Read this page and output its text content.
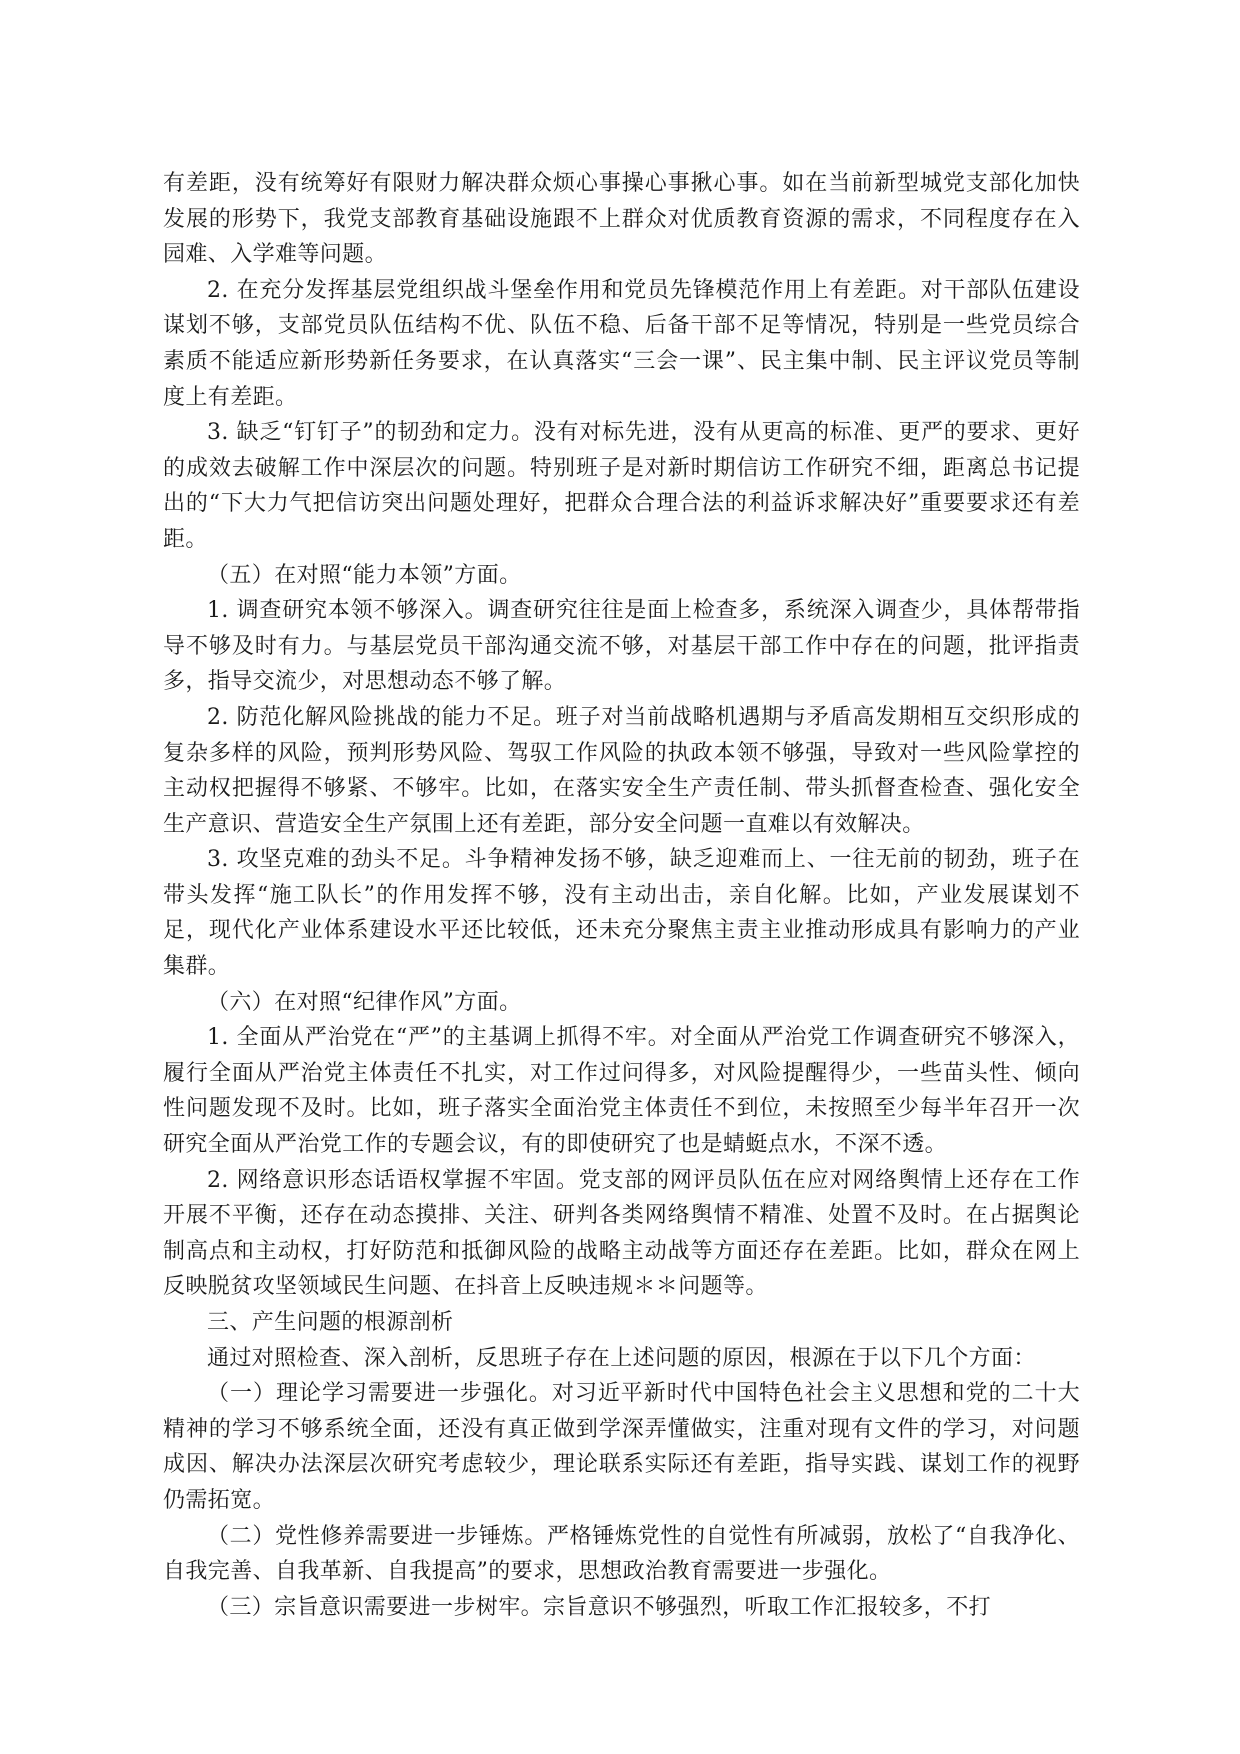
有差距，没有统筹好有限财力解决群众烦心事操心事揪心事。如在当前新型城党支部化加快发展的形势下，我党支部教育基础设施跟不上群众对优质教育资源的需求，不同程度存在入园难、入学难等问题。

2. 在充分发挥基层党组织战斗堡垒作用和党员先锋模范作用上有差距。对干部队伍建设谋划不够，支部党员队伍结构不优、队伍不稳、后备干部不足等情况，特别是一些党员综合素质不能适应新形势新任务要求，在认真落实“三会一课”、民主集中制、民主评议党员等制度上有差距。

3. 缺乏“钉钉子”的韧劲和定力。没有对标先进，没有从更高的标准、更严的要求、更好的成效去破解工作中深层次的问题。特别班子是对新时期信访工作研究不细，距离总书记提出的“下大力气把信访突出问题处理好，把群众合理合法的利益诉求解决好”重要要求还有差距。

（五）在对照“能力本领”方面。

1. 调查研究本领不够深入。调查研究往往是面上检查多，系统深入调查少，具体帮带指导不够及时有力。与基层党员干部沟通交流不够，对基层干部工作中存在的问题，批评指责多，指导交流少，对思想动态不够了解。

2. 防范化解风险挑战的能力不足。班子对当前战略机遇期与矛盾高发期相互交织形成的复杂多样的风险，预判形势风险、驾驭工作风险的执政本领不够强，导致对一些风险掌控的主动权把握得不够紧、不够牢。比如，在落实安全生产责任制、带头抓督查检查、强化安全生产意识、营造安全生产氛围上还有差距，部分安全问题一直难以有效解决。

3. 攻坚克难的劲头不足。斗争精神发扬不够，缺乏迎难而上、一往无前的韧劲，班子在带头发挥“施工队长”的作用发挥不够，没有主动出击，亲自化解。比如，产业发展谋划不足，现代化产业体系建设水平还比较低，还未充分聚焦主责主业推动形成具有影响力的产业集群。

（六）在对照“纪律作风”方面。

1. 全面从严治党在“严”的主基调上抓得不牢。对全面从严治党工作调查研究不够深入，履行全面从严治党主体责任不扎实，对工作过问得多，对风险提醒得少，一些苗头性、倾向性问题发现不及时。比如，班子落实全面治党主体责任不到位，未按照至少每半年召开一次研究全面从严治党工作的专题会议，有的即使研究了也是蜻蜓点水，不深不透。

2. 网络意识形态话语权掌握不牢固。党支部的网评员队伍在应对网络舆情上还存在工作开展不平衡，还存在动态摸排、关注、研判各类网络舆情不精准、处置不及时。在占据舆论制高点和主动权，打好防范和抵御风险的战略主动战等方面还存在差距。比如，群众在网上反映脱贫攻坚领域民生问题、在抖音上反映违规＊＊问题等。

三、产生问题的根源剖析

通过对照检查、深入剖析，反思班子存在上述问题的原因，根源在于以下几个方面：

（一）理论学习需要进一步强化。对习近平新时代中国特色社会主义思想和党的二十大精神的学习不够系统全面，还没有真正做到学深弄懂做实，注重对现有文件的学习，对问题成因、解决办法深层次研究考虑较少，理论联系实际还有差距，指导实践、谋划工作的视野仍需拓宽。

（二）党性修养需要进一步锤炼。严格锤炼党性的自觉性有所减弱，放松了“自我净化、自我完善、自我革新、自我提高”的要求，思想政治教育需要进一步强化。

（三）宗旨意识需要进一步树牢。宗旨意识不够强烈，听取工作汇报较多，不打
